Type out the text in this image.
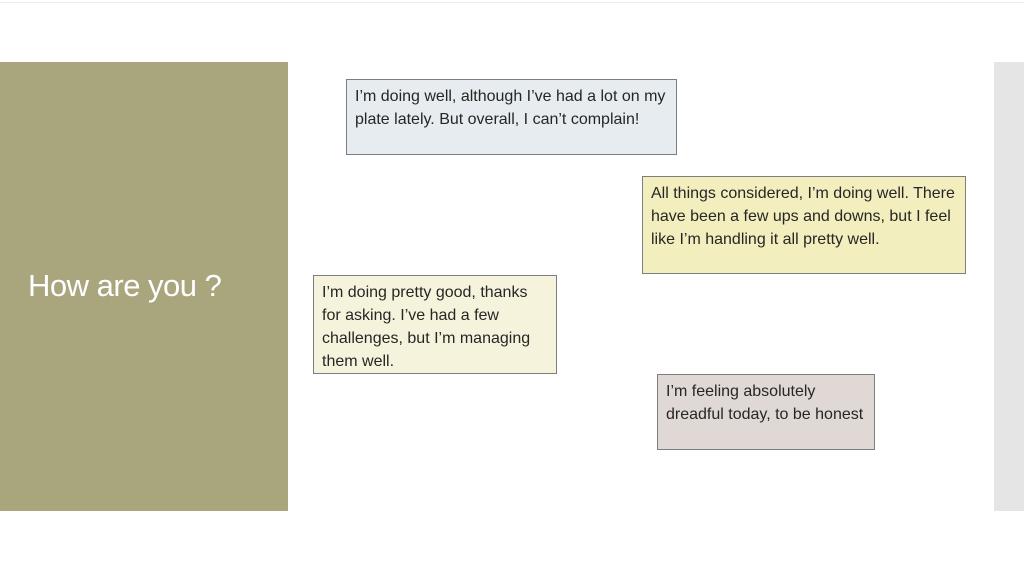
How are you ?
I’m doing well, although I’ve had a lot on my plate lately. But overall, I can’t complain!
All things considered, I’m doing well. There have been a few ups and downs, but I feel like I’m handling it all pretty well.
I’m doing pretty good, thanks for asking. I’ve had a few challenges, but I’m managing them well.
I’m feeling absolutely dreadful today, to be honest
